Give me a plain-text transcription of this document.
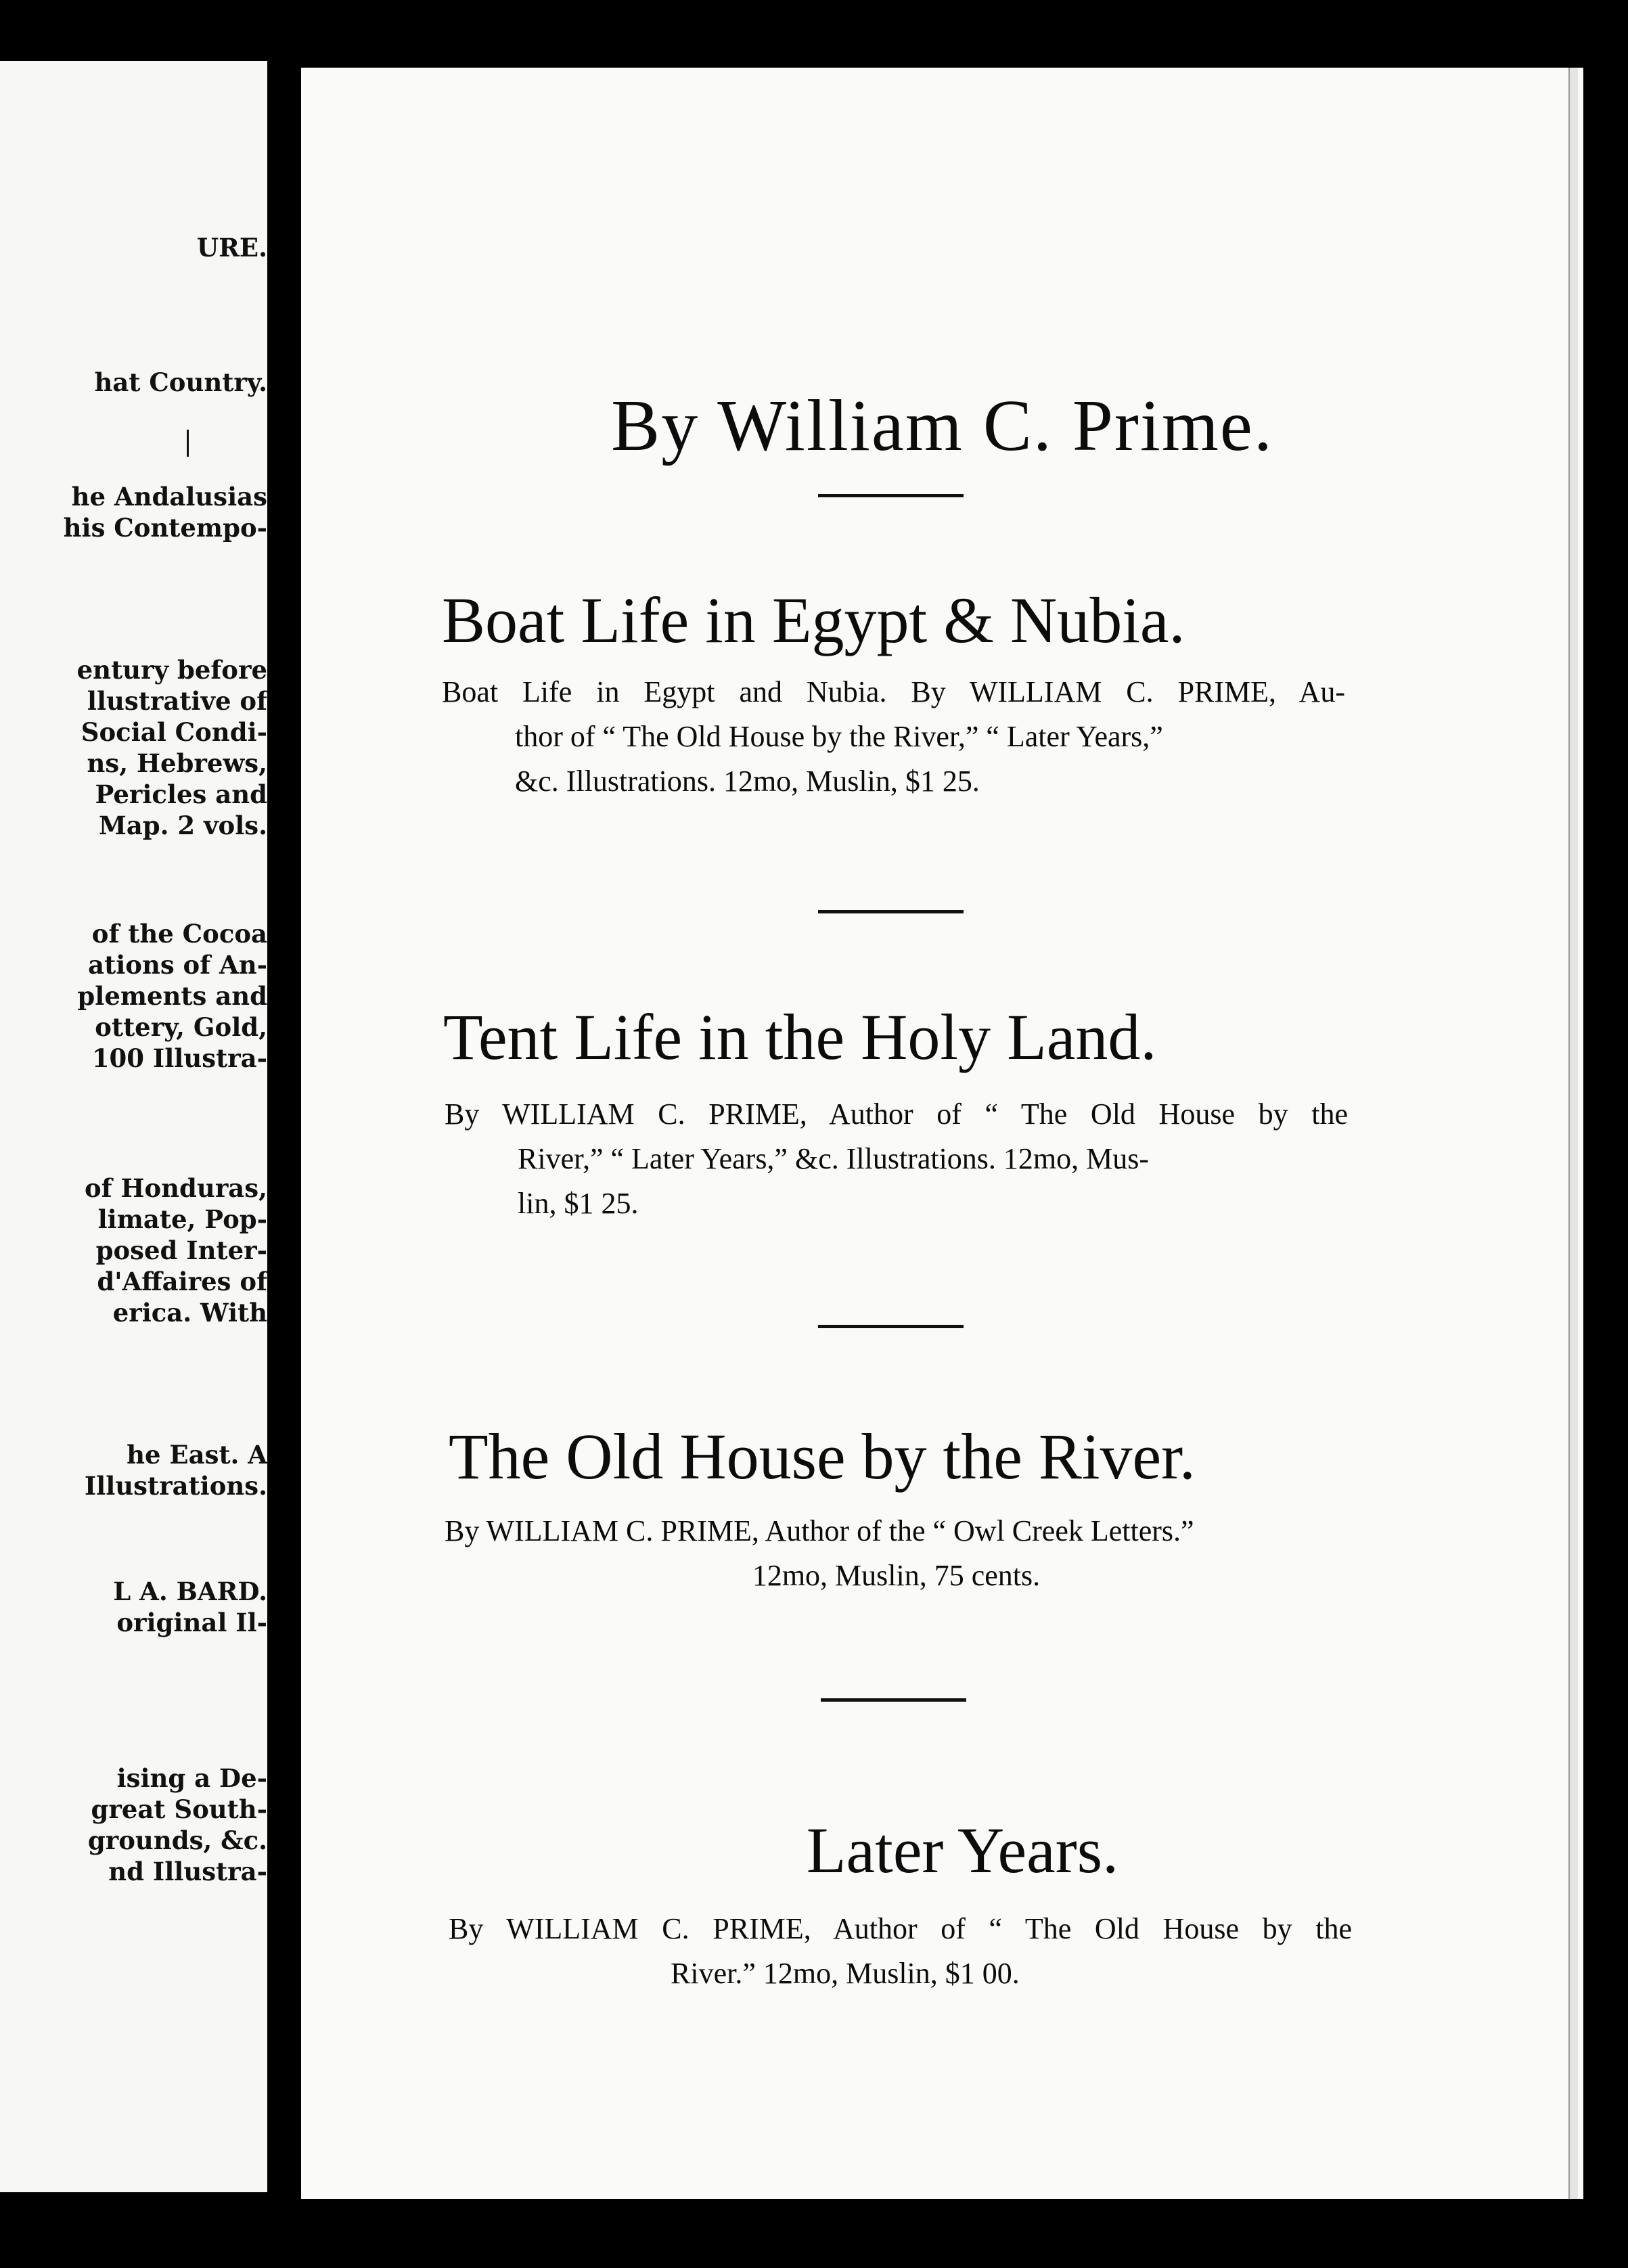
URE.
hat Country.
he Andalusias
his Contempo-
entury before
llustrative of
Social Condi-
ns, Hebrews,
Pericles and
Map. 2 vols.
of the Cocoa
ations of An-
plements and
ottery, Gold,
100 Illustra-
of Honduras,
limate, Pop-
posed Inter-
d'Affaires of
erica. With
he East. A
Illustrations.
L A. BARD.
original Il-
ising a De-
great South-
grounds, &c.
nd Illustra-
By William C. Prime.
Boat Life in Egypt & Nubia.
Boat Life in Egypt and Nubia. By WILLIAM C. PRIME, Au-
thor of “ The Old House by the River,” “ Later Years,”
&c. Illustrations. 12mo, Muslin, $1 25.
Tent Life in the Holy Land.
By WILLIAM C. PRIME, Author of “ The Old House by the
River,” “ Later Years,” &c. Illustrations. 12mo, Mus-
lin, $1 25.
The Old House by the River.
By WILLIAM C. PRIME, Author of the “ Owl Creek Letters.”
12mo, Muslin, 75 cents.
Later Years.
By WILLIAM C. PRIME, Author of “ The Old House by the
River.” 12mo, Muslin, $1 00.
